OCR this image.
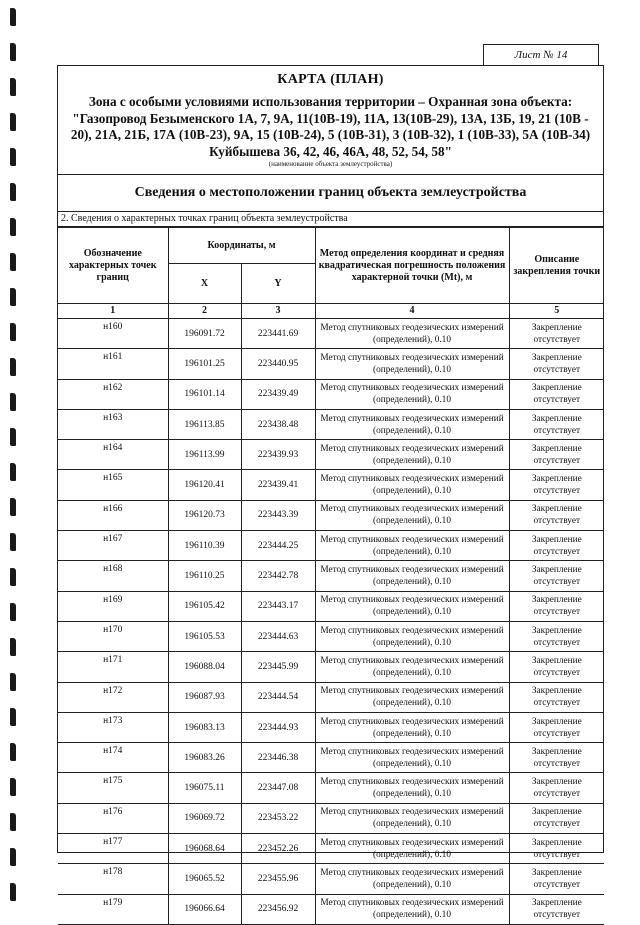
Лист № 14
КАРТА (ПЛАН)
Зона с особыми условиями использования территории – Охранная зона объекта: "Газопровод Безыменского 1А, 7, 9А, 11(10В-19), 11А, 13(10В-29), 13А, 13Б, 19, 21 (10В - 20), 21А, 21Б, 17А (10В-23), 9А, 15 (10В-24), 5 (10В-31), 3 (10В-32), 1 (10В-33), 5А (10В-34) Куйбышева 36, 42, 46, 46А, 48, 52, 54, 58"
(наименование объекта землеустройства)
Сведения о местоположении границ объекта землеустройства
2. Сведения о характерных точках границ объекта землеустройства
Обозначение характерных точек границ	Координаты, м		Метод определения координат и средняя квадратическая погрешность положения характерной точки (Mt), м	Описание закрепления точки
	X	Y		
1	2	3	4	5
н160	196091.72	223441.69	Метод спутниковых геодезических измерений (определений), 0.10	Закрепление отсутствует
н161	196101.25	223440.95	Метод спутниковых геодезических измерений (определений), 0.10	Закрепление отсутствует
н162	196101.14	223439.49	Метод спутниковых геодезических измерений (определений), 0.10	Закрепление отсутствует
н163	196113.85	223438.48	Метод спутниковых геодезических измерений (определений), 0.10	Закрепление отсутствует
н164	196113.99	223439.93	Метод спутниковых геодезических измерений (определений), 0.10	Закрепление отсутствует
н165	196120.41	223439.41	Метод спутниковых геодезических измерений (определений), 0.10	Закрепление отсутствует
н166	196120.73	223443.39	Метод спутниковых геодезических измерений (определений), 0.10	Закрепление отсутствует
н167	196110.39	223444.25	Метод спутниковых геодезических измерений (определений), 0.10	Закрепление отсутствует
н168	196110.25	223442.78	Метод спутниковых геодезических измерений (определений), 0.10	Закрепление отсутствует
н169	196105.42	223443.17	Метод спутниковых геодезических измерений (определений), 0.10	Закрепление отсутствует
н170	196105.53	223444.63	Метод спутниковых геодезических измерений (определений), 0.10	Закрепление отсутствует
н171	196088.04	223445.99	Метод спутниковых геодезических измерений (определений), 0.10	Закрепление отсутствует
н172	196087.93	223444.54	Метод спутниковых геодезических измерений (определений), 0.10	Закрепление отсутствует
н173	196083.13	223444.93	Метод спутниковых геодезических измерений (определений), 0.10	Закрепление отсутствует
н174	196083.26	223446.38	Метод спутниковых геодезических измерений (определений), 0.10	Закрепление отсутствует
н175	196075.11	223447.08	Метод спутниковых геодезических измерений (определений), 0.10	Закрепление отсутствует
н176	196069.72	223453.22	Метод спутниковых геодезических измерений (определений), 0.10	Закрепление отсутствует
н177	196068.64	223452.26	Метод спутниковых геодезических измерений (определений), 0.10	Закрепление отсутствует
н178	196065.52	223455.96	Метод спутниковых геодезических измерений (определений), 0.10	Закрепление отсутствует
н179	196066.64	223456.92	Метод спутниковых геодезических измерений (определений), 0.10	Закрепление отсутствует
